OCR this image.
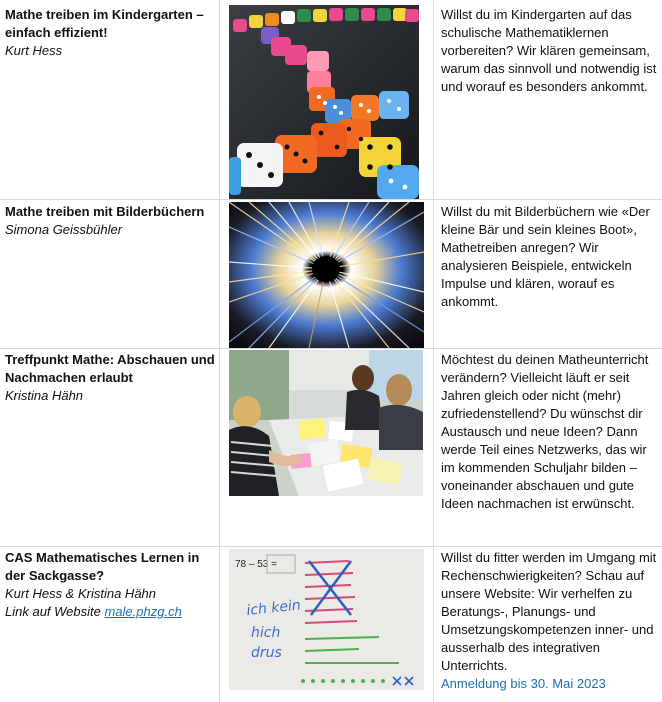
Mathe treiben im Kindergarten – einfach effizient!
Kurt Hess
Willst du im Kindergarten auf das schulische Mathematiklernen vorbereiten? Wir klären gemeinsam, warum das sinnvoll und notwendig ist und worauf es besonders ankommt.
Mathe treiben mit Bilderbüchern
Simona Geissbühler
Willst du mit Bilderbüchern wie «Der kleine Bär und sein kleines Boot», Mathetreiben anregen? Wir analysieren Beispiele, entwickeln Impulse und klären, worauf es ankommt.
Treffpunkt Mathe: Abschauen und Nachmachen erlaubt
Kristina Hähn
Möchtest du deinen Matheunterricht verändern? Vielleicht läuft er seit Jahren gleich oder nicht (mehr) zufriedenstellend? Du wünschst dir Austausch und neue Ideen? Dann werde Teil eines Netzwerks, das wir im kommenden Schuljahr bilden – voneinander abschauen und gute Ideen nachmachen ist erwünscht.
CAS Mathematisches Lernen in der Sackgasse?
Kurt Hess & Kristina Hähn
Link auf Website male.phzg.ch
78 – 53 =
ich kein
hich
drus
Willst du fitter werden im Umgang mit Rechenschwierigkeiten? Schau auf unsere Website: Wir verhelfen zu Beratungs-, Planungs- und Umsetzungskompetenzen inner- und ausserhalb des integrativen Unterrichts.
Anmeldung bis 30. Mai 2023
